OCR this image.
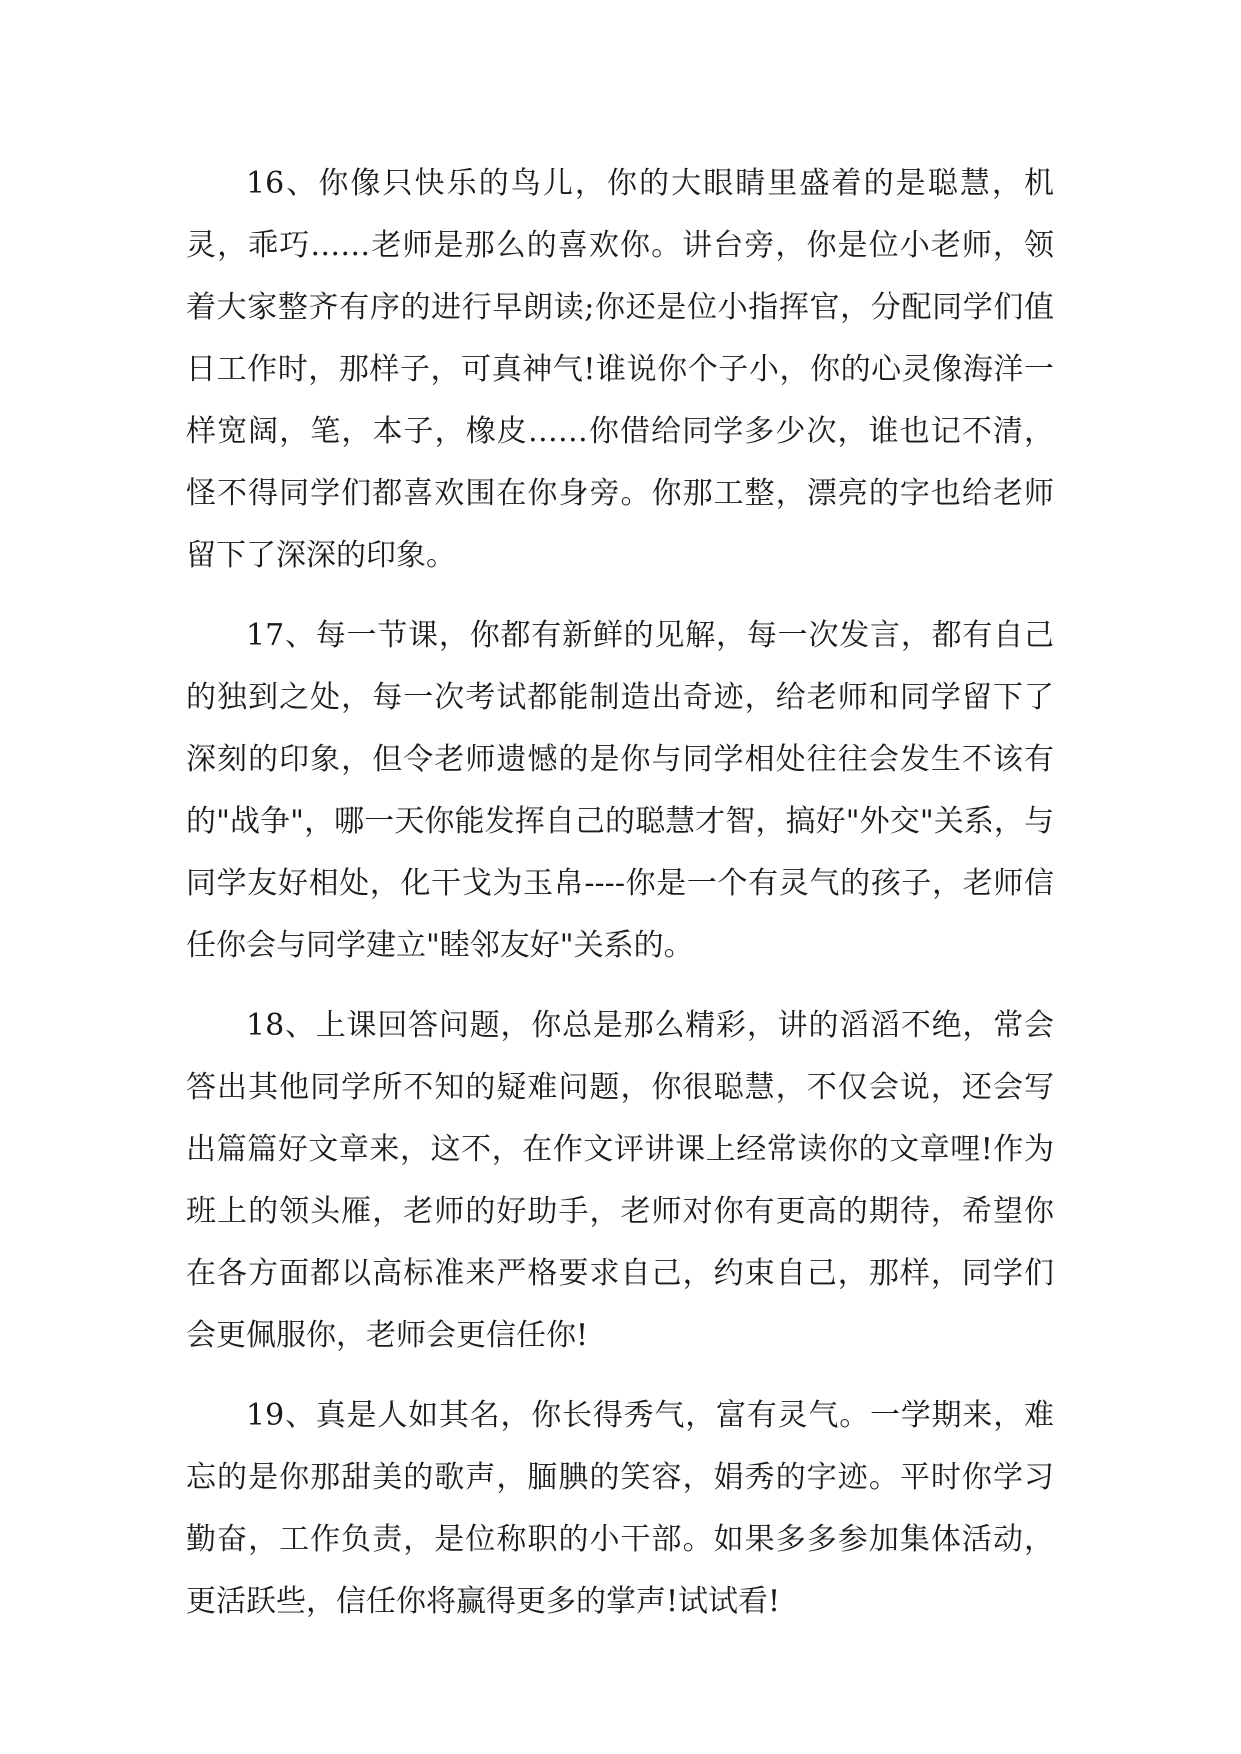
16、你像只快乐的鸟儿，你的大眼睛里盛着的是聪慧，机灵，乖巧……老师是那么的喜欢你。讲台旁，你是位小老师，领着大家整齐有序的进行早朗读;你还是位小指挥官，分配同学们值日工作时，那样子，可真神气!谁说你个子小，你的心灵像海洋一样宽阔，笔，本子，橡皮……你借给同学多少次，谁也记不清，怪不得同学们都喜欢围在你身旁。你那工整，漂亮的字也给老师留下了深深的印象。

17、每一节课，你都有新鲜的见解，每一次发言，都有自己的独到之处，每一次考试都能制造出奇迹，给老师和同学留下了深刻的印象，但令老师遗憾的是你与同学相处往往会发生不该有的"战争"，哪一天你能发挥自己的聪慧才智，搞好"外交"关系，与同学友好相处，化干戈为玉帛----你是一个有灵气的孩子，老师信任你会与同学建立"睦邻友好"关系的。

18、上课回答问题，你总是那么精彩，讲的滔滔不绝，常会答出其他同学所不知的疑难问题，你很聪慧，不仅会说，还会写出篇篇好文章来，这不，在作文评讲课上经常读你的文章哩!作为班上的领头雁，老师的好助手，老师对你有更高的期待，希望你在各方面都以高标准来严格要求自己，约束自己，那样，同学们会更佩服你，老师会更信任你!

19、真是人如其名，你长得秀气，富有灵气。一学期来，难忘的是你那甜美的歌声，腼腆的笑容，娟秀的字迹。平时你学习勤奋，工作负责，是位称职的小干部。如果多多参加集体活动，更活跃些，信任你将赢得更多的掌声!试试看!
